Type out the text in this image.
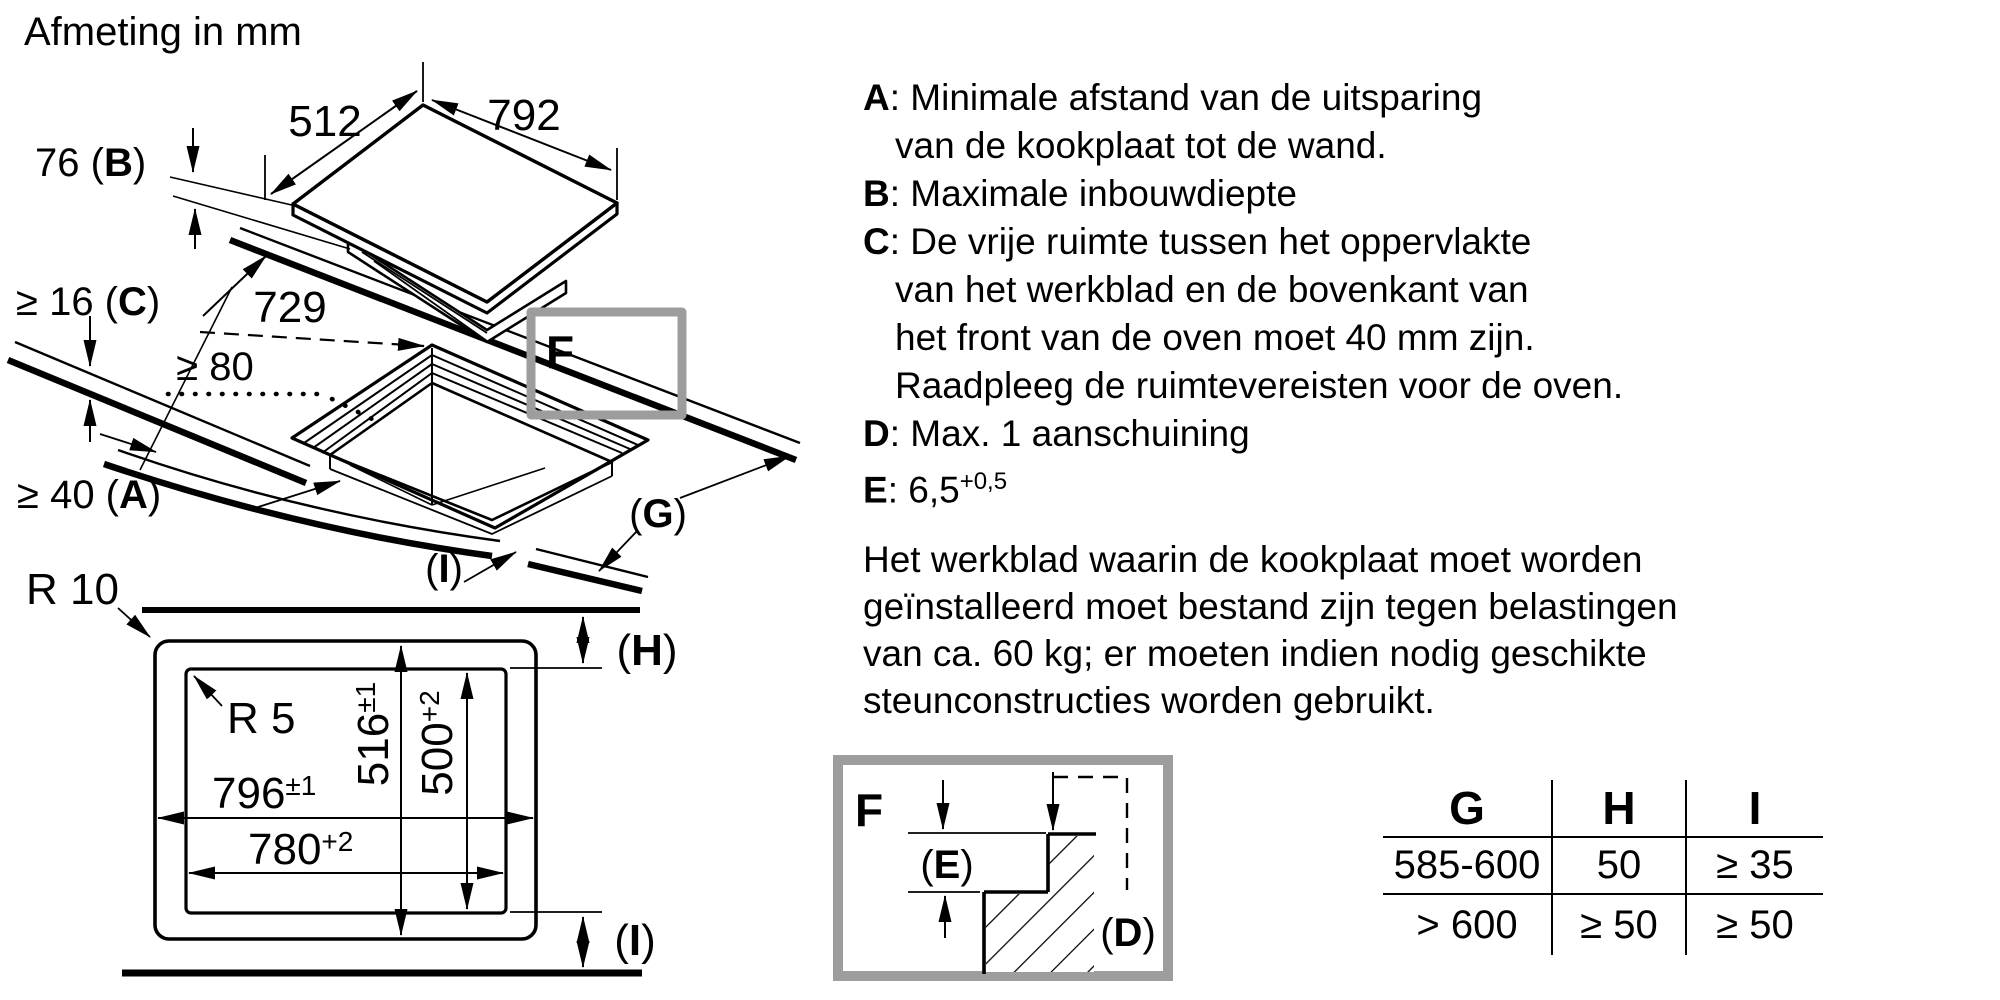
Afmeting in mm
512	792
76 (B)
≥ 16 (C) 729
≥ 80
≥ 40 (A)
F
(G)
(I)
R 10
R 5 $516^{\pm 1}$
$500^{+2}$
$796^{\pm 1}$
$780^{+2}$
(H)
(I)
F
(E)
(D)
A: Minimale afstand van de uitsparing
van de kookplaat tot de wand.
B: Maximale inbouwdiepte
C: De vrije ruimte tussen het oppervlakte
van het werkblad en de bovenkant van
het front van de oven moet 40 mm zijn.
Raadpleeg de ruimtevereisten voor de oven.
D: Max. 1 aanschuining
E: $6,5^{+0,5}$
Het werkblad waarin de kookplaat moet worden
geïnstalleerd moet bestand zijn tegen belastingen
van ca. 60 kg; er moeten indien nodig geschikte
steunconstructies worden gebruikt.
G	H	I
585-600	50	≥ 35
> 600	≥ 50	≥ 50
